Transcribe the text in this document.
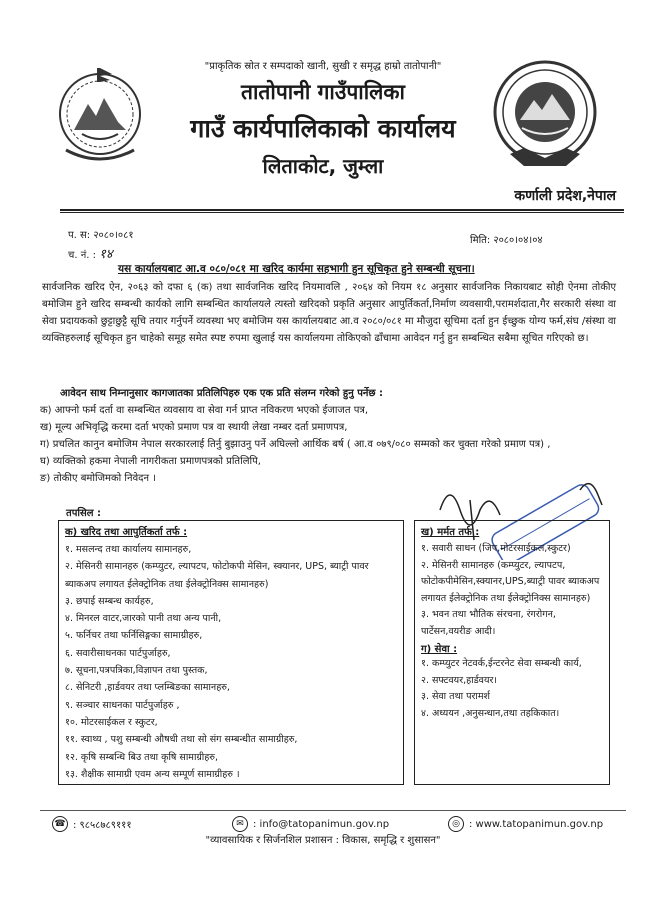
"प्राकृतिक स्रोत र सम्पदाको खानी, सुखी र समृद्ध हाम्रो तातोपानी"
तातोपानी गाउँपालिका
गाउँ कार्यपालिकाको कार्यालय
लिताकोट, जुम्ला
कर्णाली प्रदेश,नेपाल
प. स: २०८०।०८१
च. नं. : १४
मिति: २०८०।०४।०४
यस कार्यालयबाट आ.व ०८०/०८१ मा खरिद कार्यमा सहभागी हुन सूचिकृत हुने सम्बन्धी सूचना।
सार्वजनिक खरिद ऐन, २०६३ को दफा ६ (क) तथा सार्वजनिक खरिद नियमावलि , २०६४ को नियम १८ अनुसार सार्वजनिक निकायबाट सोही ऐनमा तोकीए बमोजिम हुने खरिद सम्बन्धी कार्यको लागि सम्बन्धित कार्यालयले त्यस्तो खरिदको प्रकृति अनुसार आपुर्तिकर्ता,निर्माण व्यवसायी,परामर्शदाता,गैर सरकारी संस्था वा सेवा प्रदायकको छुट्टाछुट्टै सूचि तयार गर्नुपर्ने व्यवस्था भए बमोजिम यस कार्यालयबाट आ.व २०८०/०८१ मा मौजुदा सूचिमा दर्ता हुन ईच्छुक योग्य फर्म,संघ /संस्था वा व्यक्तिहरुलाई सूचिकृत हुन चाहेको समूह समेत स्पष्ट रुपमा खुलाई यस कार्यालयमा तोकिएको ढाँचामा आवेदन गर्नु हुन सम्बन्धित सबैमा सूचित गरिएको छ।
आवेदन साथ निम्नानुसार कागजातका प्रतिलिपिहरु एक एक प्रति संलग्न गरेको हुनु पर्नेछ :
क) आफ्नो फर्म दर्ता वा सम्बन्धित व्यवसाय वा सेवा गर्न प्राप्त नविकरण भएको ईजाजत पत्र,
ख) मूल्य अभिवृद्धि करमा दर्ता भएको प्रमाण पत्र वा स्थायी लेखा नम्बर दर्ता प्रमाणपत्र,
ग) प्रचलित कानुन बमोजिम नेपाल सरकारलाई तिर्नु बुझाउनु पर्ने अघिल्लो आर्थिक बर्ष ( आ.व ०७९/०८० सम्मको कर चुक्ता गरेको प्रमाण पत्र) ,
घ) व्यक्तिको हकमा नेपाली नागरीकता प्रमाणपत्रको प्रतिलिपि,
ङ) तोकीए बमोजिमको निवेदन ।
तपसिल :
क) खरिद तथा आपुर्तिकर्ता तर्फ :
१. मसलन्द तथा कार्यालय सामानहरु,
२. मेसिनरी सामानहरु (कम्प्युटर, ल्यापटप, फोटोकपी मेसिन, स्क्यानर, UPS, ब्याट्री पावर ब्याकअप लगायत ईलेक्ट्रोनिक तथा ईलेक्ट्रोनिक्स सामानहरु)
३. छपाई सम्बन्ध कार्यहरु,
४. मिनरल वाटर,जारको पानी तथा अन्य पानी,
५. फर्निचर तथा फर्निसिङ्गका सामाग्रीहरु,
६. सवारीसाधनका पार्टपुर्जाहरु,
७. सूचना,पत्रपत्रिका,विज्ञापन तथा पुस्तक,
८. सेनिटरी ,हार्डवयर तथा प्लम्बिङका सामानहरु,
९. सञ्चार साधनका पार्टपुर्जाहरु ,
१०. मोटरसाईकल र स्कुटर,
११. स्वाथ्य , पशु सम्बन्धी औषधी तथा सो संग सम्बन्धीत सामाग्रीहरु,
१२. कृषि सम्बन्धि बिउ तथा कृषि सामाग्रीहरु,
१३. शैक्षीक सामाग्री एवम अन्य सम्पूर्ण सामाग्रीहरु ।
ख) मर्मत तर्फ :
१. सवारी साधन (जिप,मोटरसाईकल,स्कुटर)
२. मेसिनरी सामानहरु (कम्प्युटर, ल्यापटप, फोटोकपीमेसिन,स्क्यानर,UPS,ब्याट्री पावर ब्याकअप लगायत ईलेक्ट्रोनिक तथा ईलेक्ट्रोनिक्स सामानहरु)
३. भवन तथा भौतिक संरचना, रंगरोगन, पार्टेसन,वयरीङ आदी।
ग) सेवा :
१. कम्प्युटर नेटवर्क,ईन्टरनेट सेवा सम्बन्धी कार्य,
२. सफ्टवयर,हार्डवयर।
३. सेवा तथा परामर्श
४. अध्ययन ,अनुसन्धान,तथा तहकिकात।
☎ : ९८५८७८९१११	✉ : info@tatopanimun.gov.np	◎ : www.tatopanimun.gov.np
"व्यावसायिक र सिर्जनशिल प्रशासन : विकास, समृद्धि र शुसासन"
